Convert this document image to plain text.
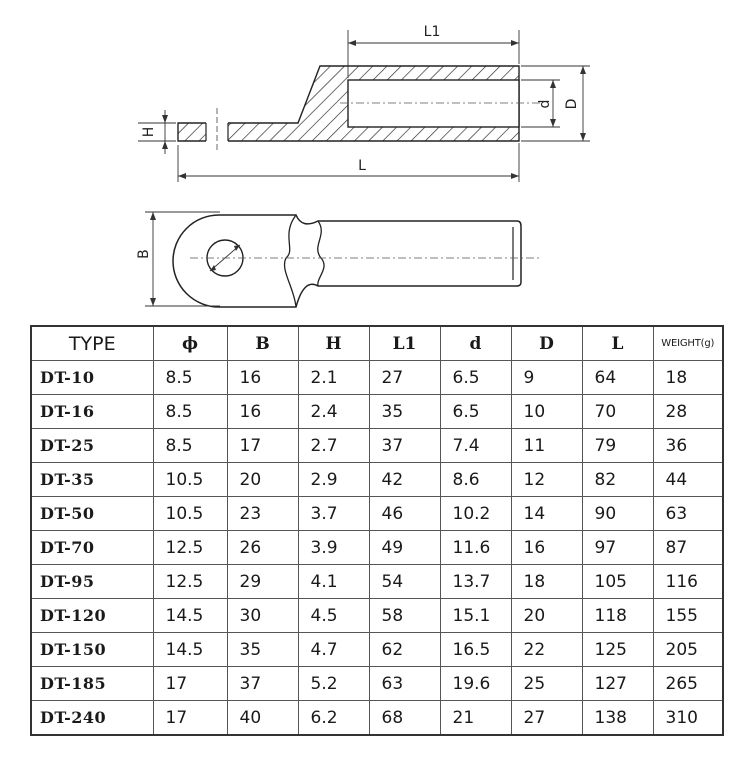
L1
L
d D
H
B
TYPE	ϕ	B	H	L1	d	D	L	WEIGHT(g)
DT-10	8.5	16	2.1	27	6.5	9	64	18
DT-16	8.5	16	2.4	35	6.5	10	70	28
DT-25	8.5	17	2.7	37	7.4	11	79	36
DT-35	10.5	20	2.9	42	8.6	12	82	44
DT-50	10.5	23	3.7	46	10.2	14	90	63
DT-70	12.5	26	3.9	49	11.6	16	97	87
DT-95	12.5	29	4.1	54	13.7	18	105	116
DT-120	14.5	30	4.5	58	15.1	20	118	155
DT-150	14.5	35	4.7	62	16.5	22	125	205
DT-185	17	37	5.2	63	19.6	25	127	265
DT-240	17	40	6.2	68	21	27	138	310
